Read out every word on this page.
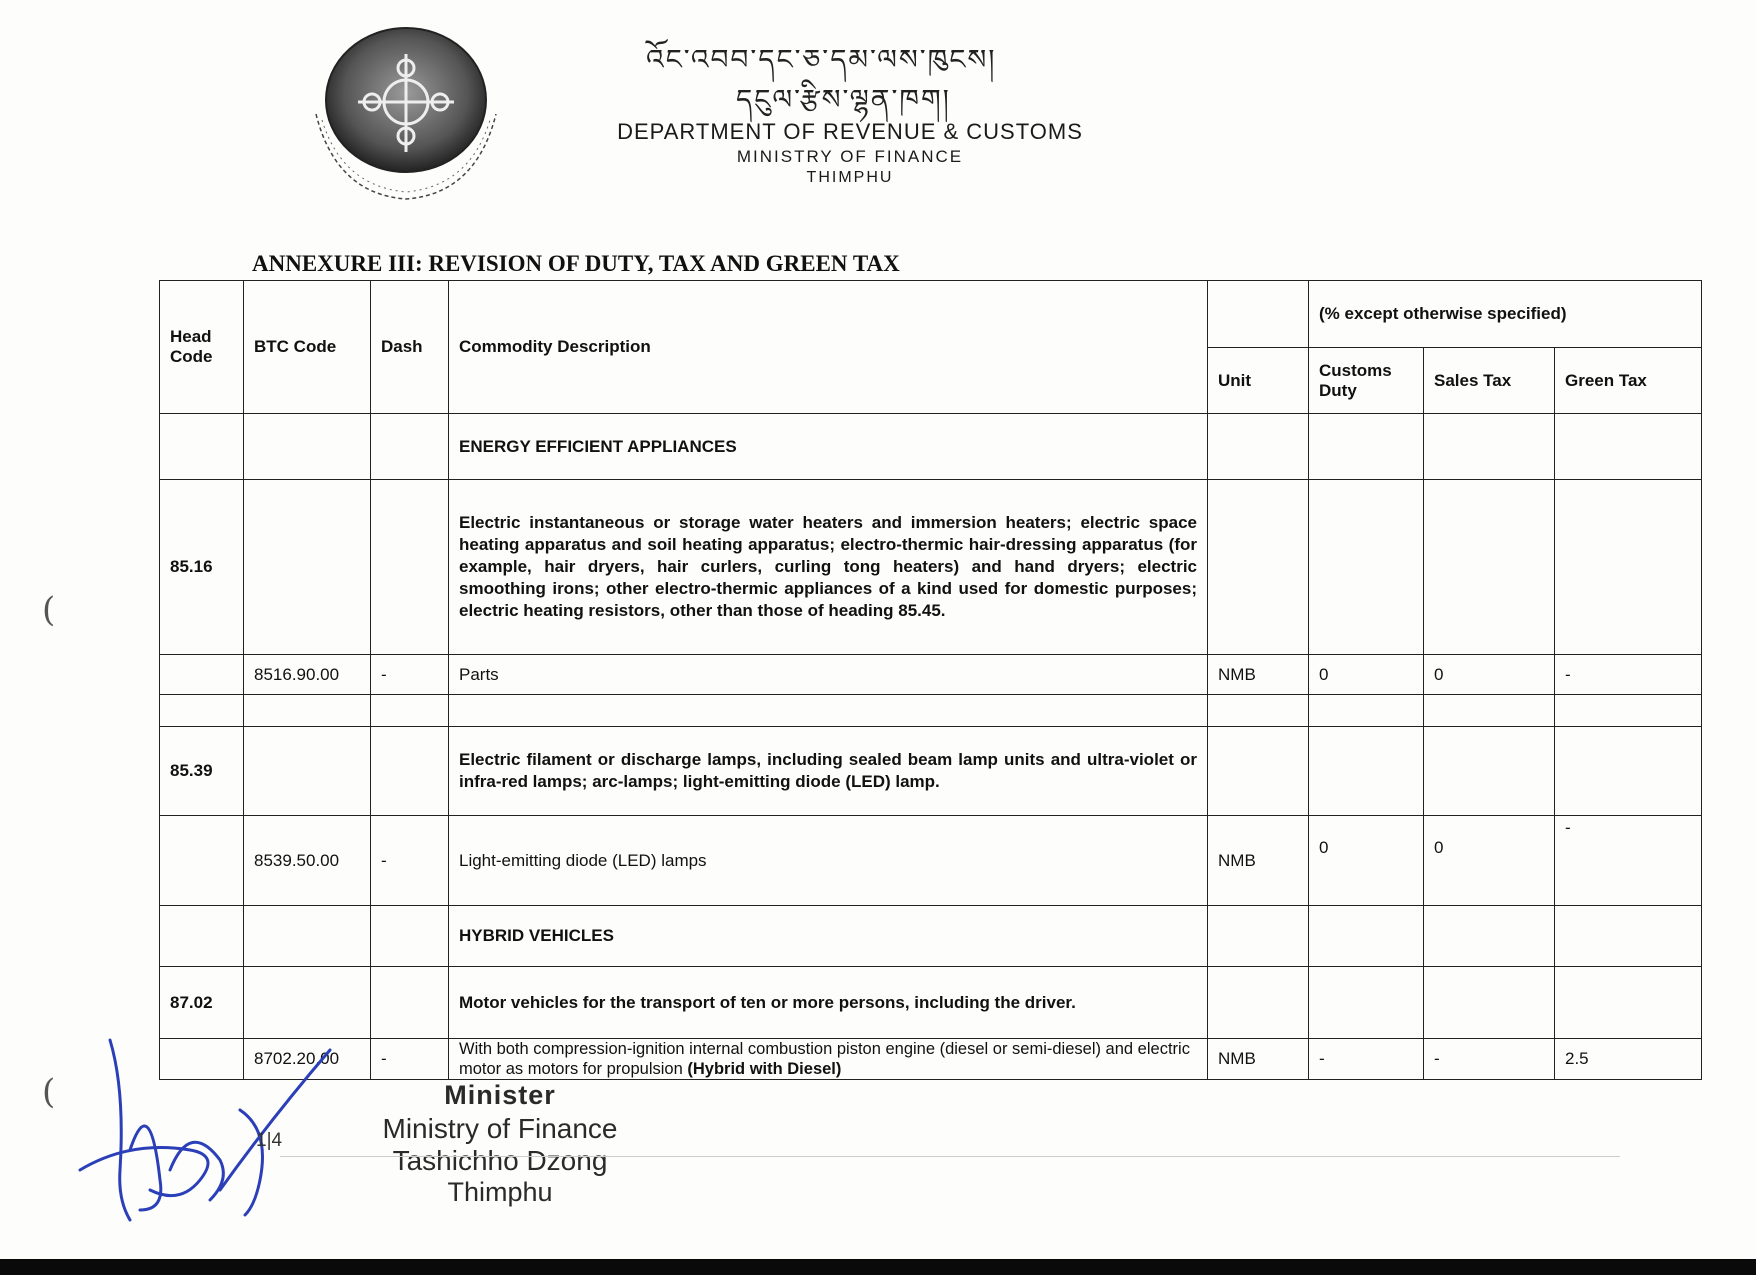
འོང་འབབ་དང་ཅ་དམ་ལས་ཁུངས།
དངུལ་རྩིས་ལྷན་ཁག།
DEPARTMENT OF REVENUE & CUSTOMS
MINISTRY OF FINANCE
THIMPHU
ANNEXURE III: REVISION OF DUTY, TAX AND GREEN TAX
Head Code	BTC Code	Dash	Commodity Description		(% except otherwise specified)		
				Unit	Customs Duty	Sales Tax	Green Tax
			ENERGY EFFICIENT APPLIANCES				
85.16			Electric instantaneous or storage water heaters and immersion heaters; electric space heating apparatus and soil heating apparatus; electro-thermic hair-dressing apparatus (for example, hair dryers, hair curlers, curling tong heaters) and hand dryers; electric smoothing irons; other electro-thermic appliances of a kind used for domestic purposes; electric heating resistors, other than those of heading 85.45.				
	8516.90.00	-	Parts	NMB	0	0	-

85.39			Electric filament or discharge lamps, including sealed beam lamp units and ultra-violet or infra-red lamps; arc-lamps; light-emitting diode (LED) lamp.				
	8539.50.00	-	Light-emitting diode (LED) lamps	NMB	0	0	-
			HYBRID VEHICLES				
87.02			Motor vehicles for the transport of ten or more persons, including the driver.				
	8702.20.00	-	With both compression-ignition internal combustion piston engine (diesel or semi-diesel) and electric motor as motors for propulsion (Hybrid with Diesel)	NMB	-	-	2.5
1|4
Minister
Ministry of Finance
Tashichho Dzong
Thimphu
(
(
